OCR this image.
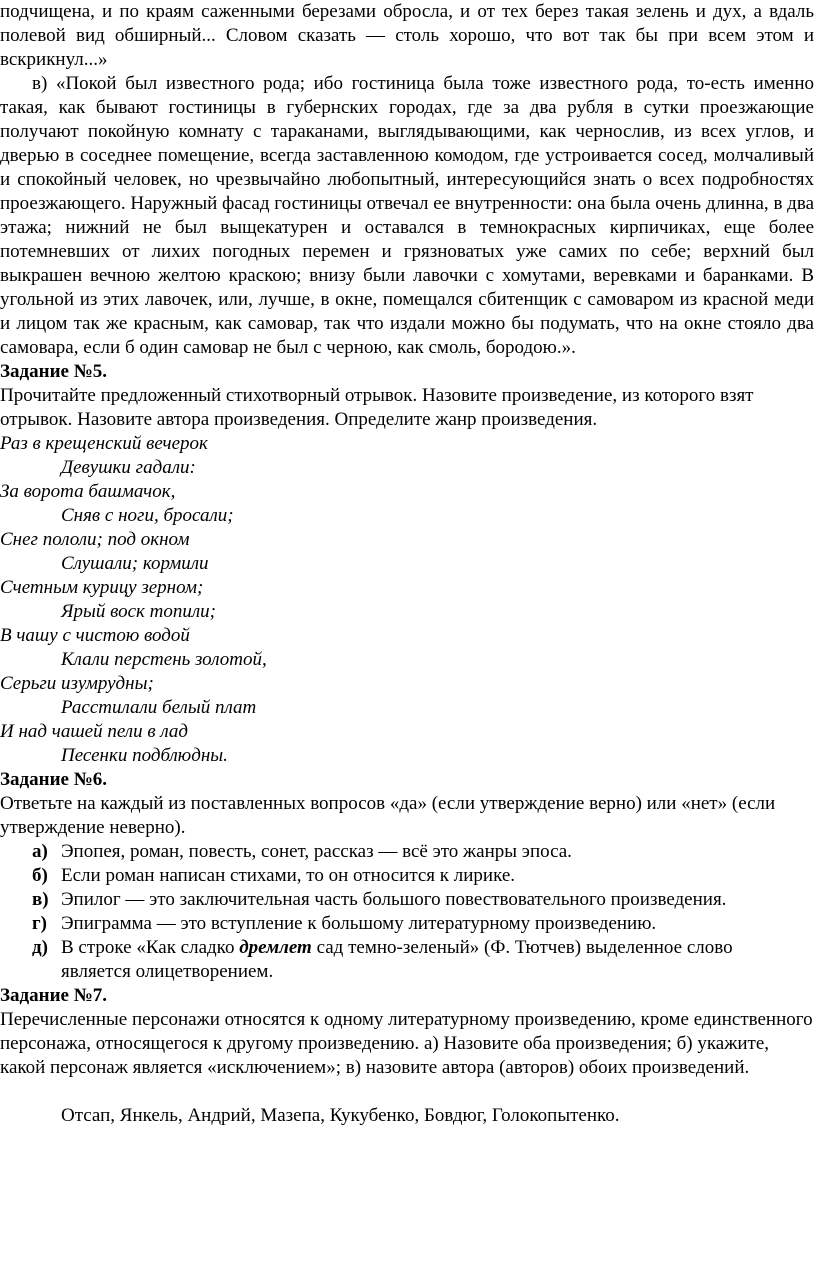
подчищена, и по краям саженными березами обросла, и от тех берез такая зелень и дух, а вдаль полевой вид обширный... Словом сказать — столь хорошо, что вот так бы при всем этом и вскрикнул...»

в) «Покой был известного рода; ибо гостиница была тоже известного рода, то-есть именно такая, как бывают гостиницы в губернских городах, где за два рубля в сутки проезжающие получают покойную комнату с тараканами, выглядывающими, как чернослив, из всех углов, и дверью в соседнее помещение, всегда заставленною комодом, где устроивается сосед, молчаливый и спокойный человек, но чрезвычайно любопытный, интересующийся знать о всех подробностях проезжающего. Наружный фасад гостиницы отвечал ее внутренности: она была очень длинна, в два этажа; нижний не был выщекатурен и оставался в темнокрасных кирпичиках, еще более потемневших от лихих погодных перемен и грязноватых уже самих по себе; верхний был выкрашен вечною желтою краскою; внизу были лавочки с хомутами, веревками и баранками. В угольной из этих лавочек, или, лучше, в окне, помещался сбитенщик с самоваром из красной меди и лицом так же красным, как самовар, так что издали можно бы подумать, что на окне стояло два самовара, если б один самовар не был с черною, как смоль, бородою.».

Задание №5.

Прочитайте предложенный стихотворный отрывок. Назовите произведение, из которого взят отрывок. Назовите автора произведения. Определите жанр произведения.

Раз в крещенский вечерок
Девушки гадали:
За ворота башмачок,
Сняв с ноги, бросали;
Снег пололи; под окном
Слушали; кормили
Счетным курицу зерном;
Ярый воск топили;
В чашу с чистою водой
Клали перстень золотой,
Серьги изумрудны;
Расстилали белый плат
И над чашей пели в лад
Песенки подблюдны.

Задание №6.

Ответьте на каждый из поставленных вопросов «да» (если утверждение верно) или «нет» (если утверждение неверно).

а) Эпопея, роман, повесть, сонет, рассказ — всё это жанры эпоса.
б) Если роман написан стихами, то он относится к лирике.
в) Эпилог — это заключительная часть большого повествовательного произведения.
г) Эпиграмма — это вступление к большому литературному произведению.
д) В строке «Как сладко дремлет сад темно-зеленый» (Ф. Тютчев) выделенное слово является олицетворением.

Задание №7.

Перечисленные персонажи относятся к одному литературному произведению, кроме единственного персонажа, относящегося к другому произведению. а) Назовите оба произведения; б) укажите, какой персонаж является «исключением»; в) назовите автора (авторов) обоих произведений.

Отсап, Янкель, Андрий, Мазепа, Кукубенко, Бовдюг, Голокопытенко.
